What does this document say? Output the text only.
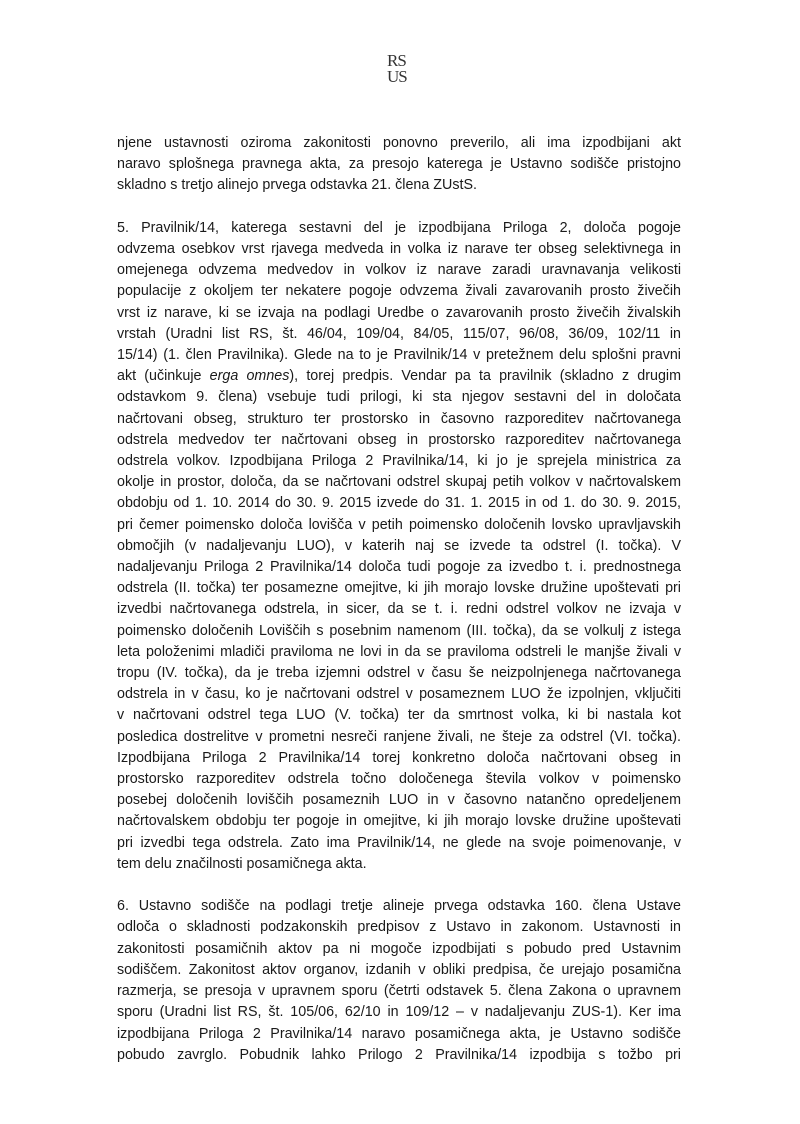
RS
US

njene ustavnosti oziroma zakonitosti ponovno preverilo, ali ima izpodbijani akt
naravo splošnega pravnega akta, za presojo katerega je Ustavno sodišče pristojno
skladno s tretjo alinejo prvega odstavka 21. člena ZUstS.

5. Pravilnik/14, katerega sestavni del je izpodbijana Priloga 2, določa pogoje
odvzema osebkov vrst rjavega medveda in volka iz narave ter obseg selektivnega in
omejenega odvzema medvedov in volkov iz narave zaradi uravnavanja velikosti
populacije z okoljem ter nekatere pogoje odvzema živali zavarovanih prosto živečih
vrst iz narave, ki se izvaja na podlagi Uredbe o zavarovanih prosto živečih živalskih
vrstah (Uradni list RS, št. 46/04, 109/04, 84/05, 115/07, 96/08, 36/09, 102/11 in
15/14) (1. člen Pravilnika). Glede na to je Pravilnik/14 v pretežnem delu splošni pravni
akt (učinkuje erga omnes), torej predpis. Vendar pa ta pravilnik (skladno z drugim
odstavkom 9. člena) vsebuje tudi prilogi, ki sta njegov sestavni del in določata
načrtovani obseg, strukturo ter prostorsko in časovno razporeditev načrtovanega
odstrela medvedov ter načrtovani obseg in prostorsko razporeditev načrtovanega
odstrela volkov. Izpodbijana Priloga 2 Pravilnika/14, ki jo je sprejela ministrica za
okolje in prostor, določa, da se načrtovani odstrel skupaj petih volkov v načrtovalskem
obdobju od 1. 10. 2014 do 30. 9. 2015 izvede do 31. 1. 2015 in od 1. do 30. 9. 2015,
pri čemer poimensko določa lovišča v petih poimensko določenih lovsko upravljavskih
območjih (v nadaljevanju LUO), v katerih naj se izvede ta odstrel (I. točka). V
nadaljevanju Priloga 2 Pravilnika/14 določa tudi pogoje za izvedbo t. i. prednostnega
odstrela (II. točka) ter posamezne omejitve, ki jih morajo lovske družine upoštevati pri
izvedbi načrtovanega odstrela, in sicer, da se t. i. redni odstrel volkov ne izvaja v
poimensko določenih Loviščih s posebnim namenom (III. točka), da se volkulj z istega
leta položenimi mladiči praviloma ne lovi in da se praviloma odstreli le manjše živali v
tropu (IV. točka), da je treba izjemni odstrel v času še neizpolnjenega načrtovanega
odstrela in v času, ko je načrtovani odstrel v posameznem LUO že izpolnjen, vključiti
v načrtovani odstrel tega LUO (V. točka) ter da smrtnost volka, ki bi nastala kot
posledica dostrelitve v prometni nesreči ranjene živali, ne šteje za odstrel (VI. točka).
Izpodbijana Priloga 2 Pravilnika/14 torej konkretno določa načrtovani obseg in
prostorsko razporeditev odstrela točno določenega števila volkov v poimensko
posebej določenih loviščih posameznih LUO in v časovno natančno opredeljenem
načrtovalskem obdobju ter pogoje in omejitve, ki jih morajo lovske družine upoštevati
pri izvedbi tega odstrela. Zato ima Pravilnik/14, ne glede na svoje poimenovanje, v
tem delu značilnosti posamičnega akta.

6. Ustavno sodišče na podlagi tretje alineje prvega odstavka 160. člena Ustave
odloča o skladnosti podzakonskih predpisov z Ustavo in zakonom. Ustavnosti in
zakonitosti posamičnih aktov pa ni mogoče izpodbijati s pobudo pred Ustavnim
sodiščem. Zakonitost aktov organov, izdanih v obliki predpisa, če urejajo posamična
razmerja, se presoja v upravnem sporu (četrti odstavek 5. člena Zakona o upravnem
sporu (Uradni list RS, št. 105/06, 62/10 in 109/12 – v nadaljevanju ZUS-1). Ker ima
izpodbijana Priloga 2 Pravilnika/14 naravo posamičnega akta, je Ustavno sodišče
pobudo zavrglo. Pobudnik lahko Prilogo 2 Pravilnika/14 izpodbija s tožbo pri
